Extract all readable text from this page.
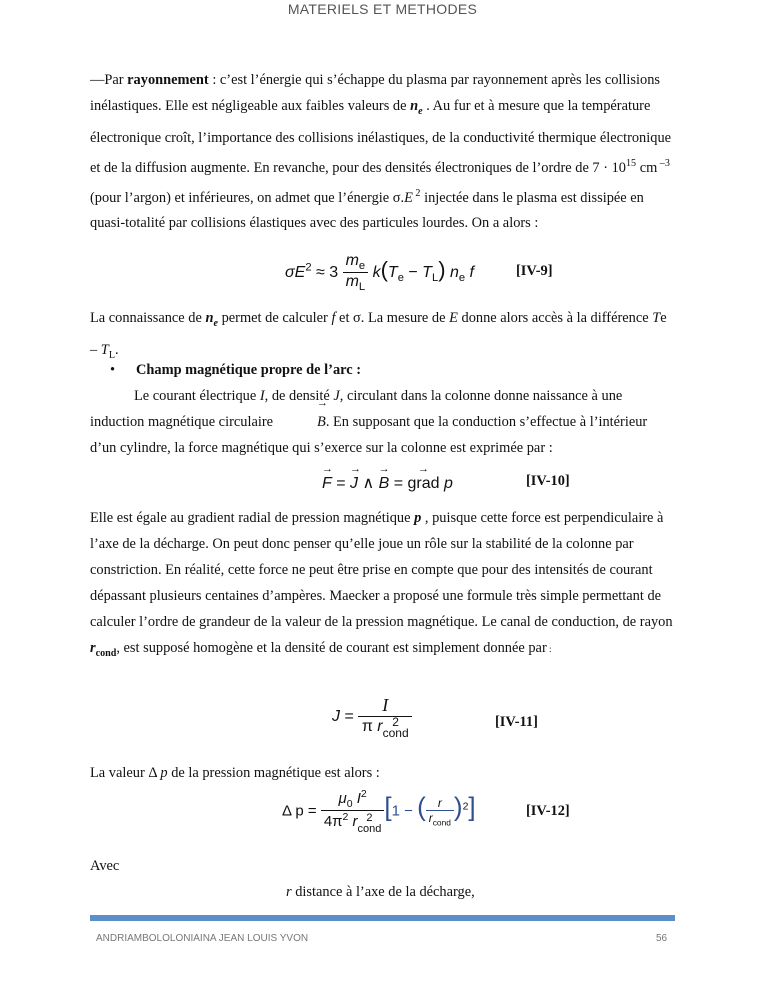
MATERIELS ET METHODES

—Par rayonnement : c’est l’énergie qui s’échappe du plasma par rayonnement après les collisions inélastiques. Elle est négligeable aux faibles valeurs de $n_e$ . Au fur et à mesure que la température électronique croît, l’importance des collisions inélastiques, de la conductivité thermique électronique et de la diffusion augmente. En revanche, pour des densités électroniques de l’ordre de $7 \cdot 10^{15}$ cm $^{-3}$ (pour l’argon) et inférieures, on admet que l’énergie σ.E $^2$ injectée dans le plasma est dissipée en quasi-totalité par collisions élastiques avec des particules lourdes. On a alors :

$\sigma E^2 \approx 3 \frac{m_e}{m_L} k(T_e - T_L)$ $n_e$ f	[IV-9]

La connaissance de $n_e$ permet de calculer f et σ. La mesure de E donne alors accès à la différence Te – $T_L$.

• Champ magnétique propre de l’arc :

Le courant électrique I, de densité J, circulant dans la colonne donne naissance à une induction magnétique circulaire	→ B. En supposant que la conduction s’effectue à l’intérieur d’un cylindre, la force magnétique qui s’exerce sur la colonne est exprimée par :

→ F = → J ∧ → B = → grad p	[IV-10]

Elle est égale au gradient radial de pression magnétique p , puisque cette force est perpendiculaire à l’axe de la décharge. On peut donc penser qu’elle joue un rôle sur la stabilité de la colonne par constriction. En réalité, cette force ne peut être prise en compte que pour des intensités de courant dépassant plusieurs centaines d’ampères. Maecker a proposé une formule très simple permettant de calculer l’ordre de grandeur de la valeur de la pression magnétique. Le canal de conduction, de rayon $r_{cond}$, est supposé homogène et la densité de courant est simplement donnée par :

J = I
π r 2
cond	[IV-11]

La valeur Δ p de la pression magnétique est alors :

Δ $p = \mu_0$ $I^2$
$4\pi^2$ r 2
cond [1 − ( $\frac{r}{r_{cond}} )^2$]	[IV-12]
Avec
r distance à l’axe de la décharge,
ANDRIAMBOLOLONIAINA JEAN LOUIS YVON	56
